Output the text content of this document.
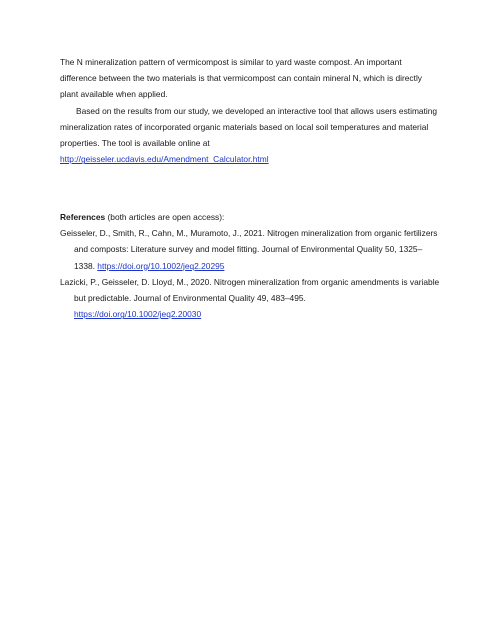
The N mineralization pattern of vermicompost is similar to yard waste compost. An important difference between the two materials is that vermicompost can contain mineral N, which is directly plant available when applied.

Based on the results from our study, we developed an interactive tool that allows users estimating mineralization rates of incorporated organic materials based on local soil temperatures and material properties. The tool is available online at
http://geisseler.ucdavis.edu/Amendment_Calculator.html

References (both articles are open access):

Geisseler, D., Smith, R., Cahn, M., Muramoto, J., 2021. Nitrogen mineralization from organic fertilizers and composts: Literature survey and model fitting. Journal of Environmental Quality 50, 1325–1338. https://doi.org/10.1002/jeq2.20295

Lazicki, P., Geisseler, D. Lloyd, M., 2020. Nitrogen mineralization from organic amendments is variable but predictable. Journal of Environmental Quality 49, 483–495.
https://doi.org/10.1002/jeq2.20030
